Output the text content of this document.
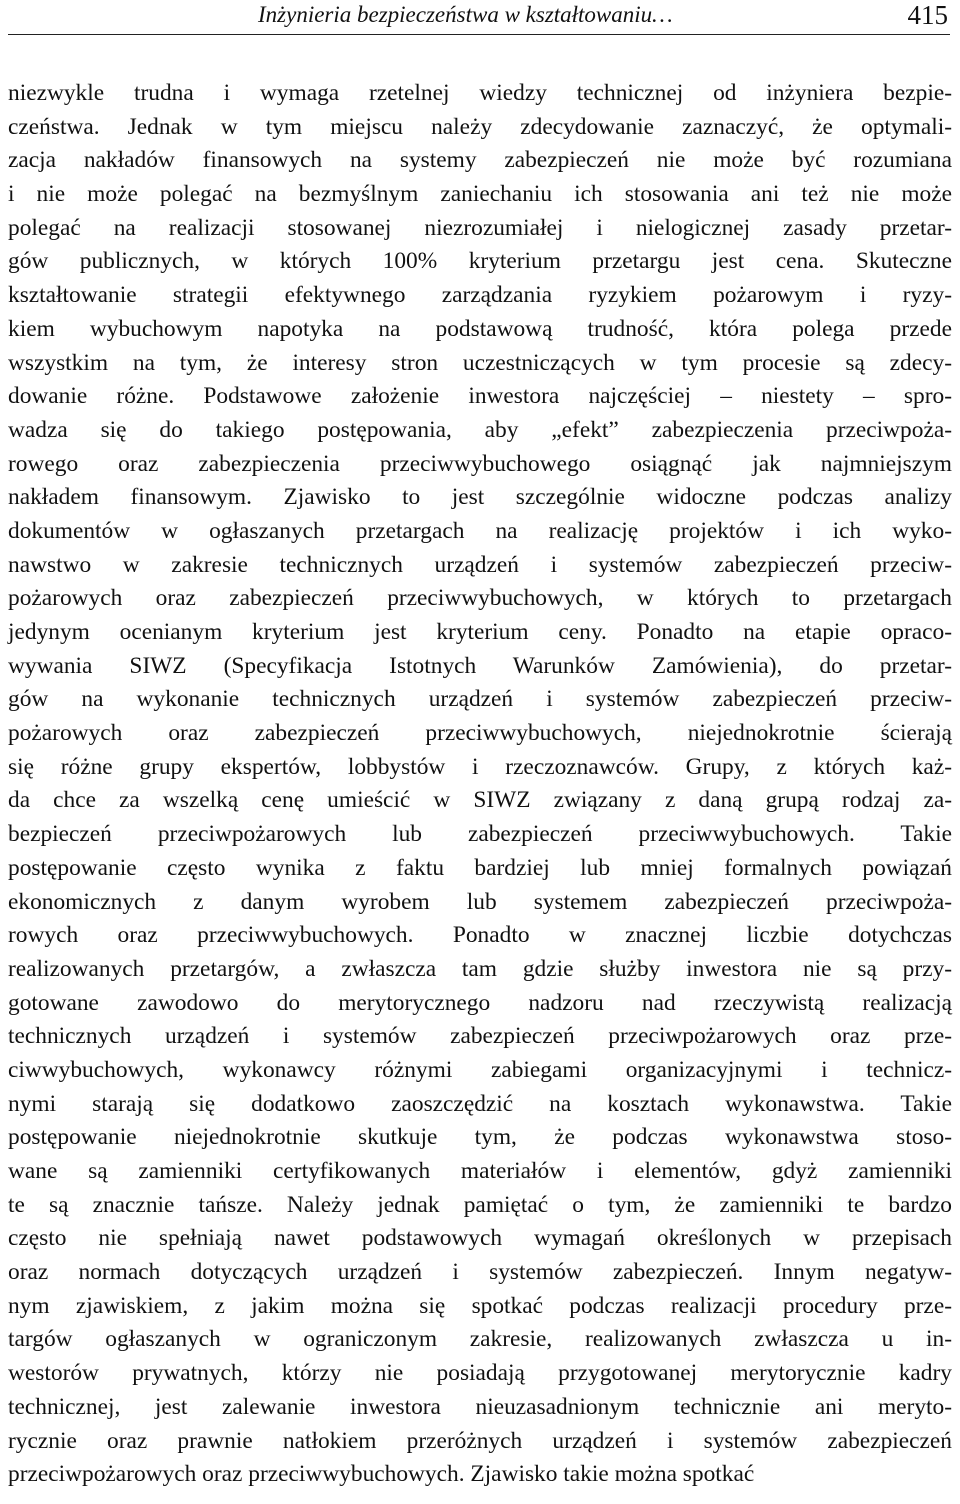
Inżynieria bezpieczeństwa w kształtowaniu…	415
niezwykle trudna i wymaga rzetelnej wiedzy technicznej od inżyniera bezpie-
czeństwa. Jednak w tym miejscu należy zdecydowanie zaznaczyć, że optymali-
zacja nakładów finansowych na systemy zabezpieczeń nie może być rozumiana
i nie może polegać na bezmyślnym zaniechaniu ich stosowania ani też nie może
polegać na realizacji stosowanej niezrozumiałej i nielogicznej zasady przetar-
gów publicznych, w których 100% kryterium przetargu jest cena. Skuteczne
kształtowanie strategii efektywnego zarządzania ryzykiem pożarowym i ryzy-
kiem wybuchowym napotyka na podstawową trudność, która polega przede
wszystkim na tym, że interesy stron uczestniczących w tym procesie są zdecy-
dowanie różne. Podstawowe założenie inwestora najczęściej – niestety – spro-
wadza się do takiego postępowania, aby „efekt” zabezpieczenia przeciwpoża-
rowego oraz zabezpieczenia przeciwwybuchowego osiągnąć jak najmniejszym
nakładem finansowym. Zjawisko to jest szczególnie widoczne podczas analizy
dokumentów w ogłaszanych przetargach na realizację projektów i ich wyko-
nawstwo w zakresie technicznych urządzeń i systemów zabezpieczeń przeciw-
pożarowych oraz zabezpieczeń przeciwwybuchowych, w których to przetargach
jedynym ocenianym kryterium jest kryterium ceny. Ponadto na etapie opraco-
wywania SIWZ (Specyfikacja Istotnych Warunków Zamówienia), do przetar-
gów na wykonanie technicznych urządzeń i systemów zabezpieczeń przeciw-
pożarowych oraz zabezpieczeń przeciwwybuchowych, niejednokrotnie ścierają
się różne grupy ekspertów, lobbystów i rzeczoznawców. Grupy, z których każ-
da chce za wszelką cenę umieścić w SIWZ związany z daną grupą rodzaj za-
bezpieczeń przeciwpożarowych lub zabezpieczeń przeciwwybuchowych. Takie
postępowanie często wynika z faktu bardziej lub mniej formalnych powiązań
ekonomicznych z danym wyrobem lub systemem zabezpieczeń przeciwpoża-
rowych oraz przeciwwybuchowych. Ponadto w znacznej liczbie dotychczas
realizowanych przetargów, a zwłaszcza tam gdzie służby inwestora nie są przy-
gotowane zawodowo do merytorycznego nadzoru nad rzeczywistą realizacją
technicznych urządzeń i systemów zabezpieczeń przeciwpożarowych oraz prze-
ciwwybuchowych, wykonawcy różnymi zabiegami organizacyjnymi i technicz-
nymi starają się dodatkowo zaoszczędzić na kosztach wykonawstwa. Takie
postępowanie niejednokrotnie skutkuje tym, że podczas wykonawstwa stoso-
wane są zamienniki certyfikowanych materiałów i elementów, gdyż zamienniki
te są znacznie tańsze. Należy jednak pamiętać o tym, że zamienniki te bardzo
często nie spełniają nawet podstawowych wymagań określonych w przepisach
oraz normach dotyczących urządzeń i systemów zabezpieczeń. Innym negatyw-
nym zjawiskiem, z jakim można się spotkać podczas realizacji procedury prze-
targów ogłaszanych w ograniczonym zakresie, realizowanych zwłaszcza u in-
westorów prywatnych, którzy nie posiadają przygotowanej merytorycznie kadry
technicznej, jest zalewanie inwestora nieuzasadnionym technicznie ani meryto-
rycznie oraz prawnie natłokiem przeróżnych urządzeń i systemów zabezpieczeń
przeciwpożarowych oraz przeciwwybuchowych. Zjawisko takie można spotkać
